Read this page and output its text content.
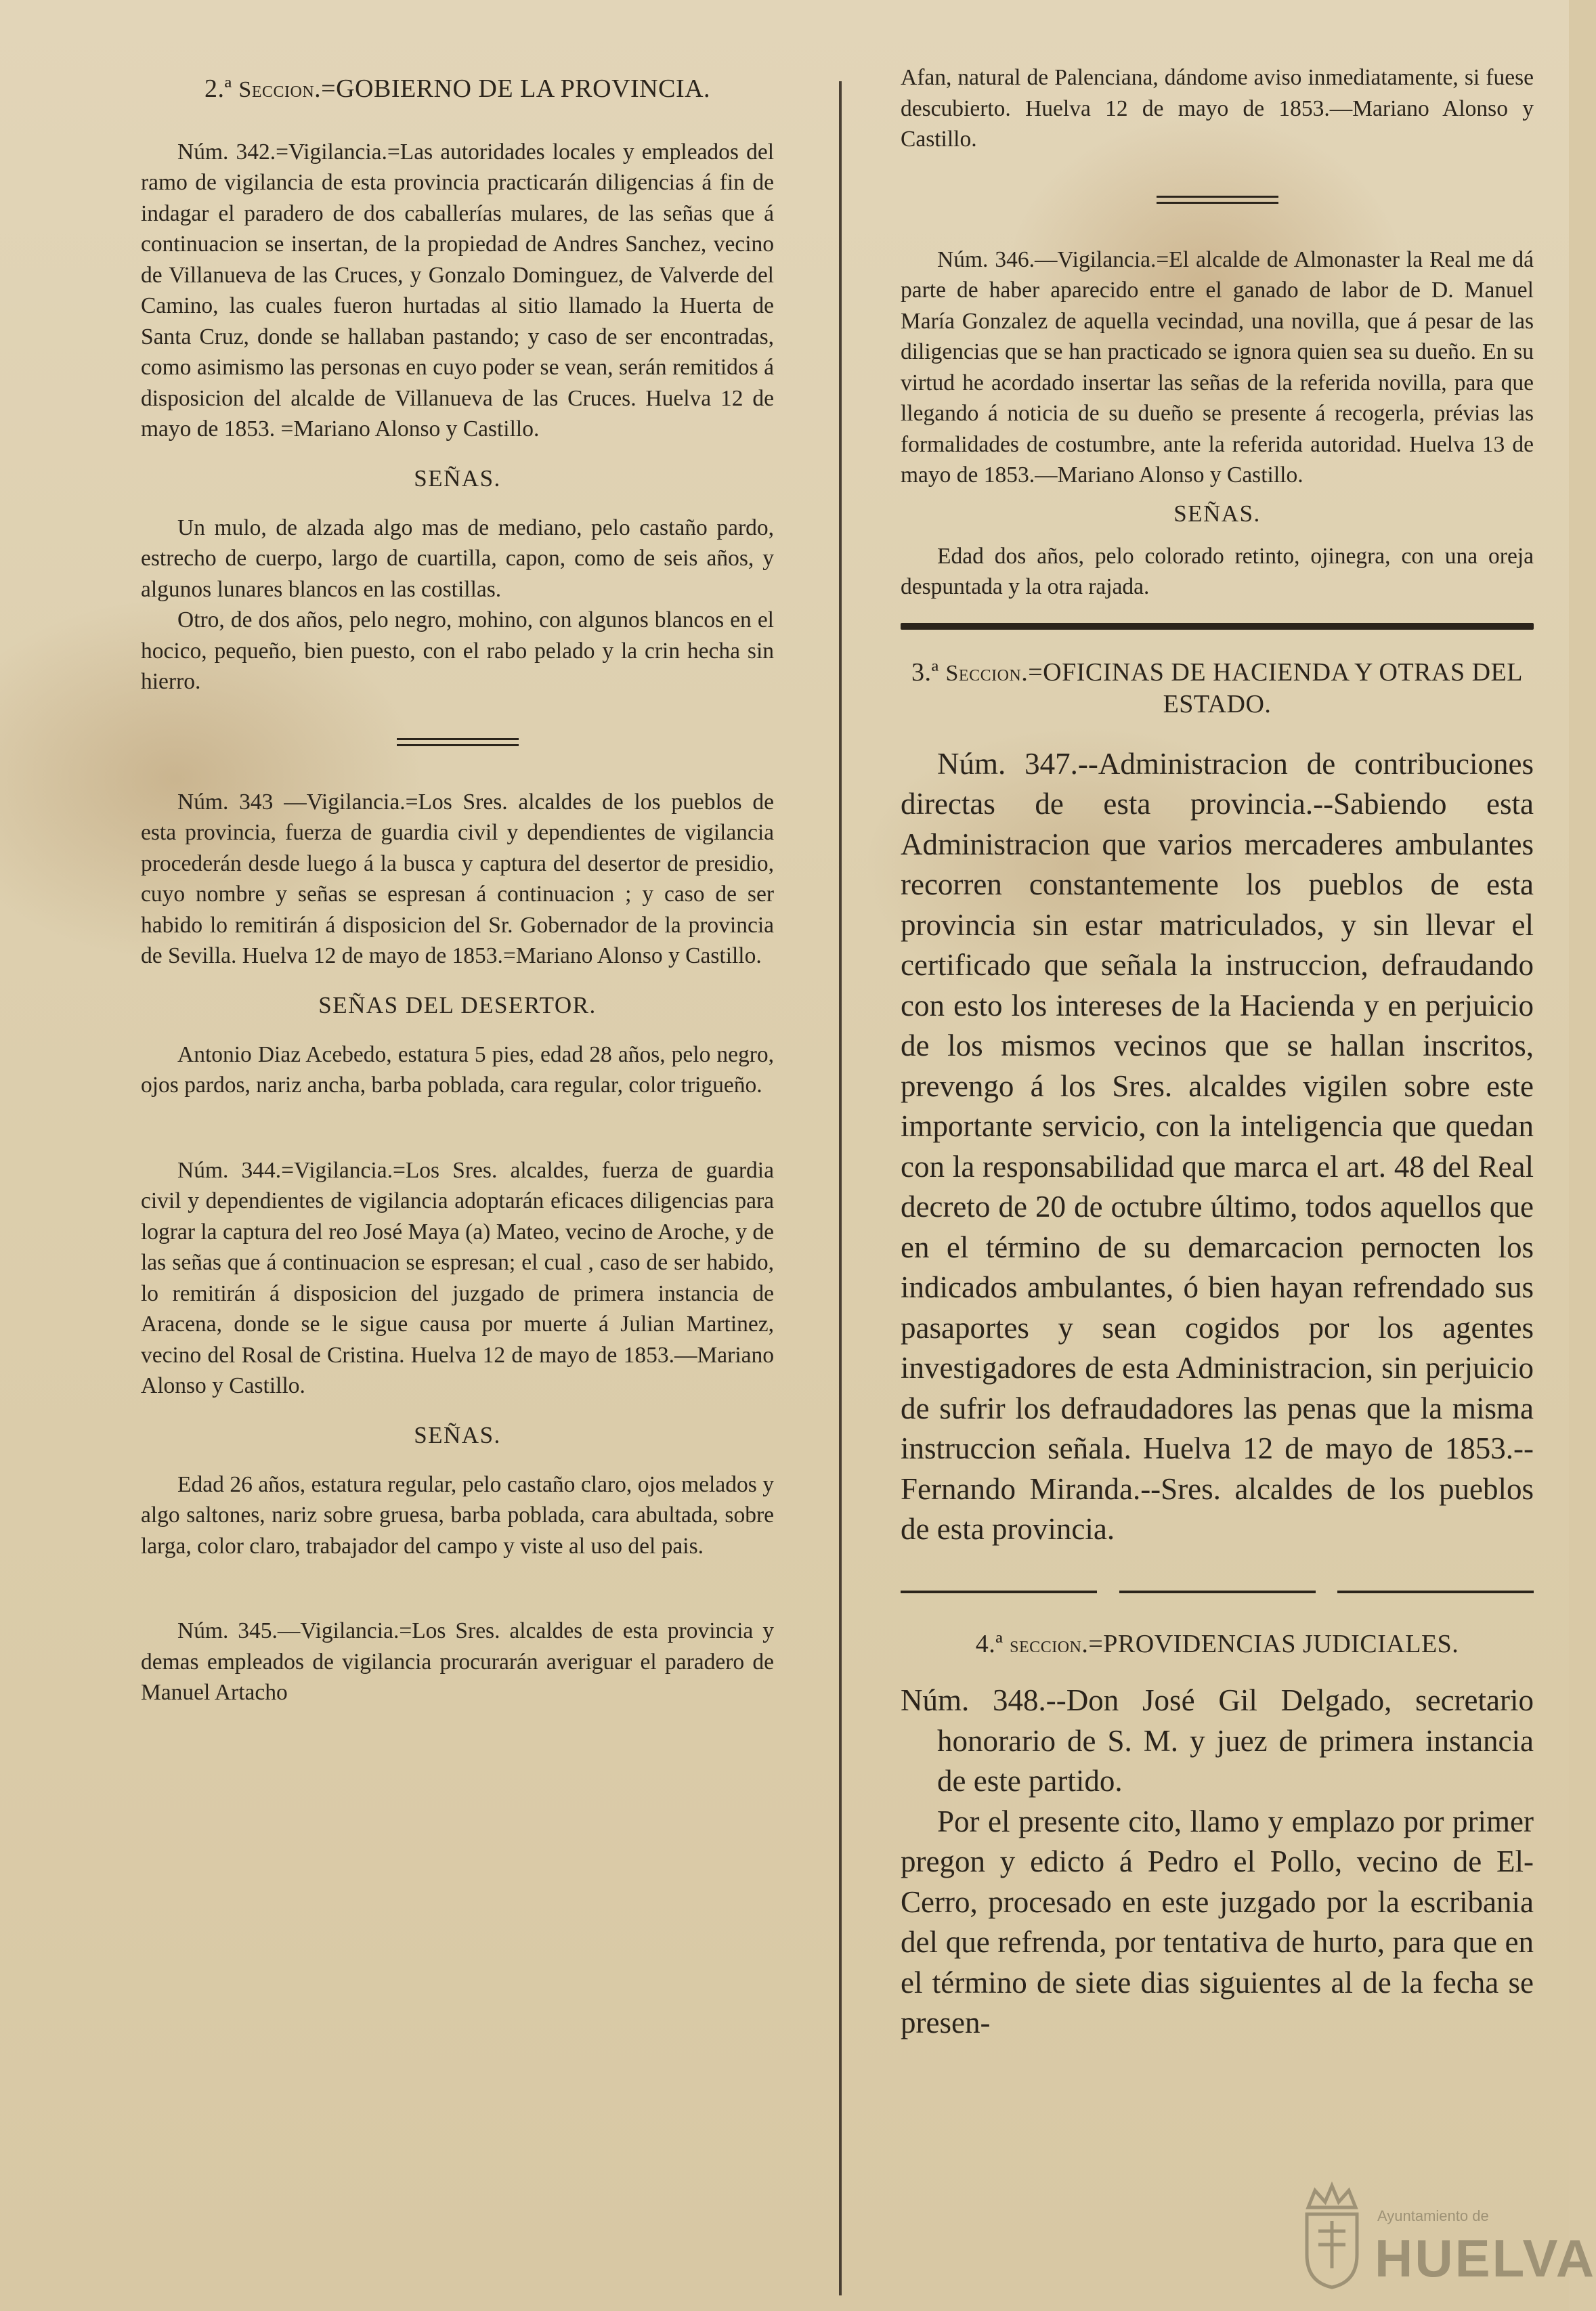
2.ª Seccion.=GOBIERNO DE LA PROVINCIA.

Núm. 342.=Vigilancia.=Las autoridades locales y empleados del ramo de vigilancia de esta provincia practicarán diligencias á fin de indagar el paradero de dos caballerías mulares, de las señas que á continuacion se insertan, de la propiedad de Andres Sanchez, vecino de Villanueva de las Cruces, y Gonzalo Dominguez, de Valverde del Camino, las cuales fueron hurtadas al sitio llamado la Huerta de Santa Cruz, donde se hallaban pastando; y caso de ser encontradas, como asimismo las personas en cuyo poder se vean, serán remitidos á disposicion del alcalde de Villanueva de las Cruces. Huelva 12 de mayo de 1853. =Mariano Alonso y Castillo.

SEÑAS.

Un mulo, de alzada algo mas de mediano, pelo castaño pardo, estrecho de cuerpo, largo de cuartilla, capon, como de seis años, y algunos lunares blancos en las costillas.

Otro, de dos años, pelo negro, mohino, con algunos blancos en el hocico, pequeño, bien puesto, con el rabo pelado y la crin hecha sin hierro.

Núm. 343 —Vigilancia.=Los Sres. alcaldes de los pueblos de esta provincia, fuerza de guardia civil y dependientes de vigilancia procederán desde luego á la busca y captura del desertor de presidio, cuyo nombre y señas se espresan á continuacion ; y caso de ser habido lo remitirán á disposicion del Sr. Gobernador de la provincia de Sevilla. Huelva 12 de mayo de 1853.=Mariano Alonso y Castillo.

SEÑAS DEL DESERTOR.

Antonio Diaz Acebedo, estatura 5 pies, edad 28 años, pelo negro, ojos pardos, nariz ancha, barba poblada, cara regular, color trigueño.

Núm. 344.=Vigilancia.=Los Sres. alcaldes, fuerza de guardia civil y dependientes de vigilancia adoptarán eficaces diligencias para lograr la captura del reo José Maya (a) Mateo, vecino de Aroche, y de las señas que á continuacion se espresan; el cual , caso de ser habido, lo remitirán á disposicion del juzgado de primera instancia de Aracena, donde se le sigue causa por muerte á Julian Martinez, vecino del Rosal de Cristina. Huelva 12 de mayo de 1853.—Mariano Alonso y Castillo.

SEÑAS.

Edad 26 años, estatura regular, pelo castaño claro, ojos melados y algo saltones, nariz sobre gruesa, barba poblada, cara abultada, sobre larga, color claro, trabajador del campo y viste al uso del pais.

Núm. 345.—Vigilancia.=Los Sres. alcaldes de esta provincia y demas empleados de vigilancia procurarán averiguar el paradero de Manuel Artacho

Afan, natural de Palenciana, dándome aviso inmediatamente, si fuese descubierto. Huelva 12 de mayo de 1853.—Mariano Alonso y Castillo.

Núm. 346.—Vigilancia.=El alcalde de Almonaster la Real me dá parte de haber aparecido entre el ganado de labor de D. Manuel María Gonzalez de aquella vecindad, una novilla, que á pesar de las diligencias que se han practicado se ignora quien sea su dueño. En su virtud he acordado insertar las señas de la referida novilla, para que llegando á noticia de su dueño se presente á recogerla, prévias las formalidades de costumbre, ante la referida autoridad. Huelva 13 de mayo de 1853.—Mariano Alonso y Castillo.

SEÑAS.

Edad dos años, pelo colorado retinto, ojinegra, con una oreja despuntada y la otra rajada.

3.ª Seccion.=OFICINAS DE HACIENDA Y OTRAS DEL ESTADO.

Núm. 347.--Administracion de contribuciones directas de esta provincia.--Sabiendo esta Administracion que varios mercaderes ambulantes recorren constantemente los pueblos de esta provincia sin estar matriculados, y sin llevar el certificado que señala la instruccion, defraudando con esto los intereses de la Hacienda y en perjuicio de los mismos vecinos que se hallan inscritos, prevengo á los Sres. alcaldes vigilen sobre este importante servicio, con la inteligencia que quedan con la responsabilidad que marca el art. 48 del Real decreto de 20 de octubre último, todos aquellos que en el término de su demarcacion pernocten los indicados ambulantes, ó bien hayan refrendado sus pasaportes y sean cogidos por los agentes investigadores de esta Administracion, sin perjuicio de sufrir los defraudadores las penas que la misma instruccion señala. Huelva 12 de mayo de 1853.--Fernando Miranda.--Sres. alcaldes de los pueblos de esta provincia.

4.ª seccion.=PROVIDENCIAS JUDICIALES.

Núm. 348.--Don José Gil Delgado, secretario honorario de S. M. y juez de primera instancia de este partido.

Por el presente cito, llamo y emplazo por primer pregon y edicto á Pedro el Pollo, vecino de El-Cerro, procesado en este juzgado por la escribania del que refrenda, por tentativa de hurto, para que en el término de siete dias siguientes al de la fecha se presen-

Ayuntamiento de
HUELVA
